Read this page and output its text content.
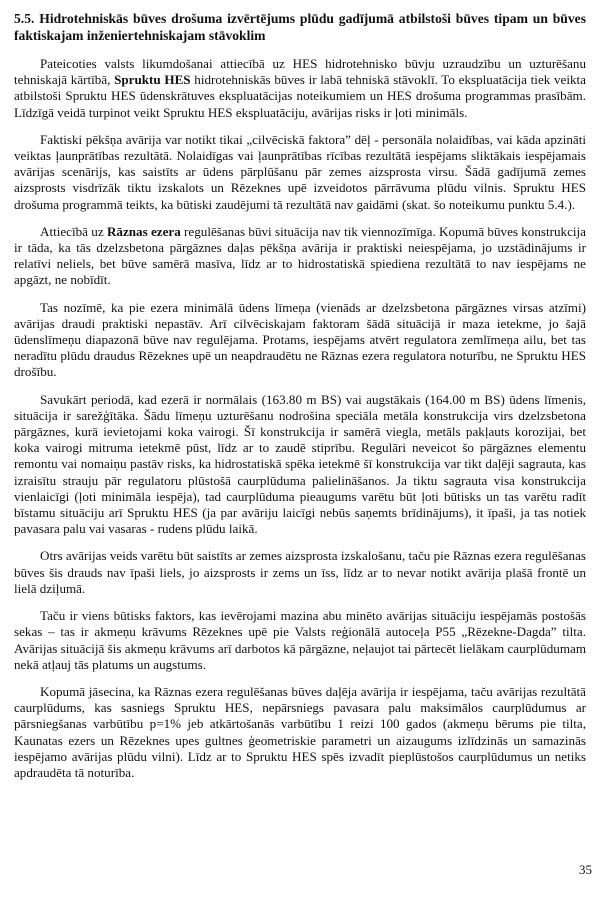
5.5. Hidrotehniskās būves drošuma izvērtējums plūdu gadījumā atbilstoši būves tipam un būves faktiskajam inženiertehniskajam stāvoklim

Pateicoties valsts likumdošanai attiecībā uz HES hidrotehnisko būvju uzraudzību un uzturēšanu tehniskajā kārtībā, Spruktu HES hidrotehniskās būves ir labā tehniskā stāvoklī. To ekspluatācija tiek veikta atbilstoši Spruktu HES ūdenskrātuves ekspluatācijas noteikumiem un HES drošuma programmas prasībām. Līdzīgā veidā turpinot veikt Spruktu HES ekspluatāciju, avārijas risks ir ļoti minimāls.

Faktiski pēkšņa avārija var notikt tikai „cilvēciskā faktora” dēļ - personāla nolaidības, vai kāda apzināti veiktas ļaunprātības rezultātā. Nolaidīgas vai ļaunprātības rīcības rezultātā iespējams sliktākais iespējamais avārijas scenārijs, kas saistīts ar ūdens pārplūšanu pār zemes aizsprosta virsu. Šādā gadījumā zemes aizsprosts visdrīzāk tiktu izskalots un Rēzeknes upē izveidotos pārrāvuma plūdu vilnis. Spruktu HES drošuma programmā teikts, ka būtiski zaudējumi tā rezultātā nav gaidāmi (skat. šo noteikumu punktu 5.4.).

Attiecībā uz Rāznas ezera regulēšanas būvi situācija nav tik viennozīmīga. Kopumā būves konstrukcija ir tāda, ka tās dzelzsbetona pārgāznes daļas pēkšņa avārija ir praktiski neiespējama, jo uzstādinājums ir relatīvi neliels, bet būve samērā masīva, līdz ar to hidrostatiskā spiediena rezultātā to nav iespējams ne apgāzt, ne nobīdīt.

Tas nozīmē, ka pie ezera minimālā ūdens līmeņa (vienāds ar dzelzsbetona pārgāznes virsas atzīmi) avārijas draudi praktiski nepastāv. Arī cilvēciskajam faktoram šādā situācijā ir maza ietekme, jo šajā ūdenslīmeņu diapazonā būve nav regulējama. Protams, iespējams atvērt regulatora zemlīmeņa ailu, bet tas neradītu plūdu draudus Rēzeknes upē un neapdraudētu ne Rāznas ezera regulatora noturību, ne Spruktu HES drošību.

Savukārt periodā, kad ezerā ir normālais (163.80 m BS) vai augstākais (164.00 m BS) ūdens līmenis, situācija ir sarežģītāka. Šādu līmeņu uzturēšanu nodrošina speciāla metāla konstrukcija virs dzelzsbetona pārgāznes, kurā ievietojami koka vairogi. Šī konstrukcija ir samērā viegla, metāls pakļauts korozijai, bet koka vairogi mitruma ietekmē pūst, līdz ar to zaudē stiprību. Regulāri neveicot šo pārgāznes elementu remontu vai nomaiņu pastāv risks, ka hidrostatiskā spēka ietekmē šī konstrukcija var tikt daļēji sagrauta, kas izraisītu strauju pār regulatoru plūstošā caurplūduma palielināšanos. Ja tiktu sagrauta visa konstrukcija vienlaicīgi (ļoti minimāla iespēja), tad caurplūduma pieaugums varētu būt ļoti būtisks un tas varētu radīt bīstamu situāciju arī Spruktu HES (ja par avāriju laicīgi nebūs saņemts brīdinājums), it īpaši, ja tas notiek pavasara palu vai vasaras - rudens plūdu laikā.

Otrs avārijas veids varētu būt saistīts ar zemes aizsprosta izskalošanu, taču pie Rāznas ezera regulēšanas būves šis drauds nav īpaši liels, jo aizsprosts ir zems un īss, līdz ar to nevar notikt avārija plašā frontē un lielā dziļumā.

Taču ir viens būtisks faktors, kas ievērojami mazina abu minēto avārijas situāciju iespējamās postošās sekas – tas ir akmeņu krāvums Rēzeknes upē pie Valsts reģionālā autoceļa P55 „Rēzekne-Dagda” tilta. Avārijas situācijā šis akmeņu krāvums arī darbotos kā pārgāzne, neļaujot tai pārtecēt lielākam caurplūdumam nekā atļauj tās platums un augstums.

Kopumā jāsecina, ka Rāznas ezera regulēšanas būves daļēja avārija ir iespējama, taču avārijas rezultātā caurplūdums, kas sasniegs Spruktu HES, nepārsniegs pavasara palu maksimālos caurplūdumus ar pārsniegšanas varbūtību p=1% jeb atkārtošanās varbūtību 1 reizi 100 gados (akmeņu bērums pie tilta, Kaunatas ezers un Rēzeknes upes gultnes ģeometriskie parametri un aizaugums izlīdzinās un samazinās iespējamo avārijas plūdu vilni). Līdz ar to Spruktu HES spēs izvadīt pieplūstošos caurplūdumus un netiks apdraudēta tā noturība.

35
